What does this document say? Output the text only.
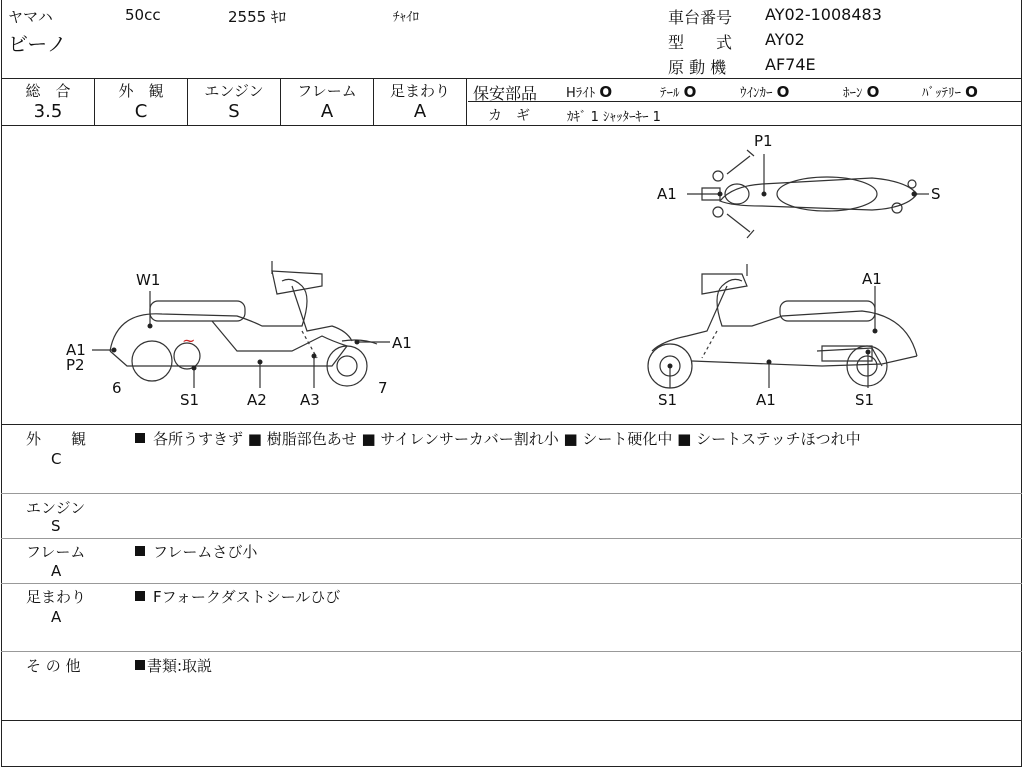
ヤマハ	50cc	2555 ｷﾛ	ﾁｬｲﾛ
ビーノ
車台番号 AY02-1008483
型　　式 AY02
原 動 機 AF74E
総　合
3.5
外　観
C
エンジン
S
フレーム
A
足まわり
A
保安部品 Hﾗｲﾄ O	ﾃｰﾙ O	ｳｲﾝｶｰ O	ﾎｰﾝ O	ﾊﾞｯﾃﾘｰ O
カ　ギ	ｶｷﾞ 1 ｼｬｯﾀｰｷｰ 1
P1
A1	S
W1
A1
P2
A1
6	7
S1	A2 A3
A1
S1	A1	S1
~
外　　観
C
各所うすきず ■ 樹脂部色あせ ■ サイレンサーカバー割れ小 ■ シート硬化中 ■ シートステッチほつれ中
エンジン
S
フレーム
A
フレームさび小
足まわり
A
Fフォークダストシールひび
そ の 他	書類:取説
